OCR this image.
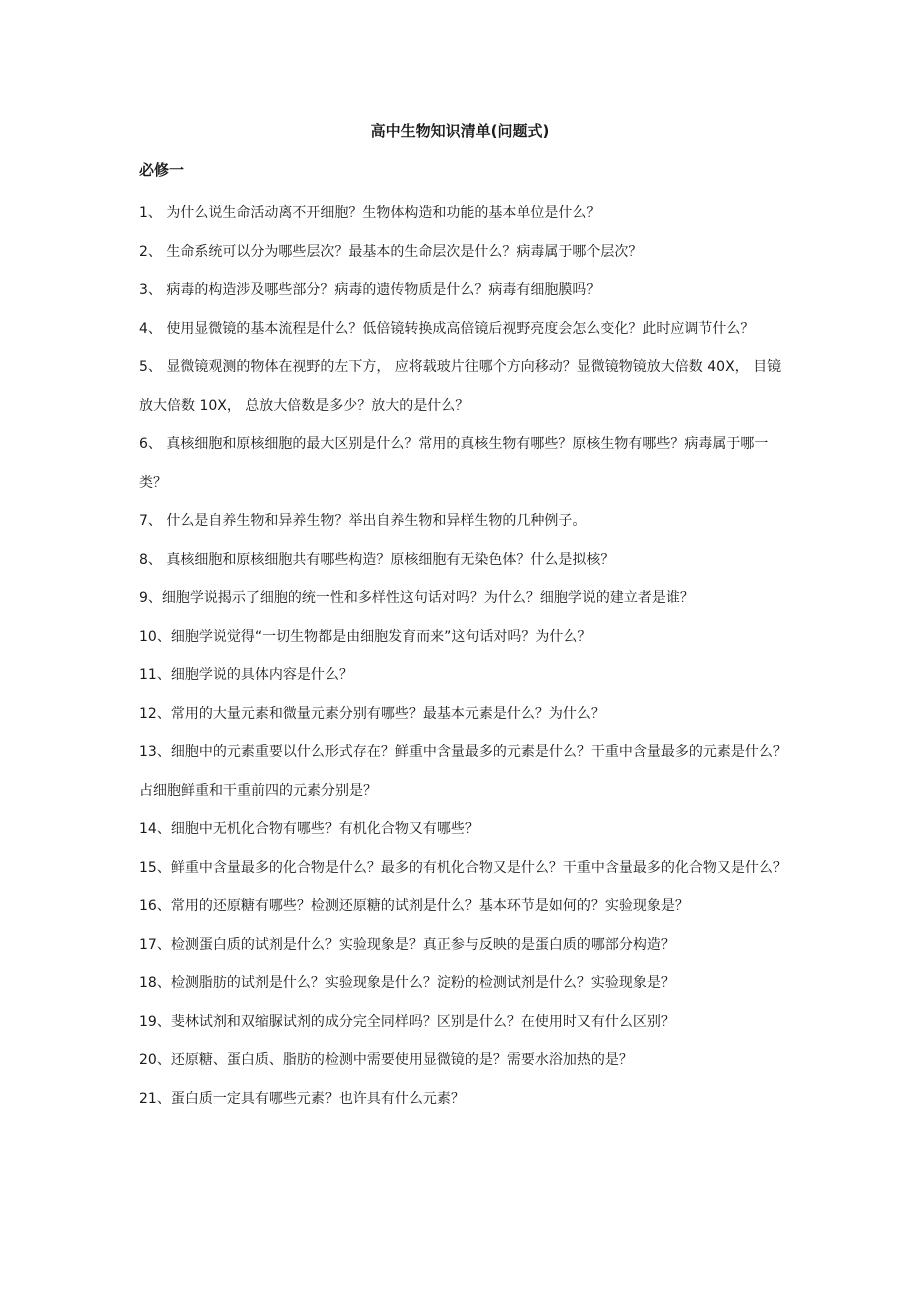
高中生物知识清单(问题式)
必修一
1、 为什么说生命活动离不开细胞？生物体构造和功能的基本单位是什么？
2、 生命系统可以分为哪些层次？最基本的生命层次是什么？病毒属于哪个层次？
3、 病毒的构造涉及哪些部分？病毒的遗传物质是什么？病毒有细胞膜吗？
4、 使用显微镜的基本流程是什么？低倍镜转换成高倍镜后视野亮度会怎么变化？此时应调节什么？
5、 显微镜观测的物体在视野的左下方， 应将载玻片往哪个方向移动？显微镜物镜放大倍数 40X， 目镜放大倍数 10X， 总放大倍数是多少？放大的是什么？
6、 真核细胞和原核细胞的最大区别是什么？常用的真核生物有哪些？原核生物有哪些？病毒属于哪一类？
7、 什么是自养生物和异养生物？举出自养生物和异样生物的几种例子。
8、 真核细胞和原核细胞共有哪些构造？原核细胞有无染色体？什么是拟核？
9、细胞学说揭示了细胞的统一性和多样性这句话对吗？为什么？细胞学说的建立者是谁？
10、细胞学说觉得“一切生物都是由细胞发育而来”这句话对吗？为什么？
11、细胞学说的具体内容是什么？
12、常用的大量元素和微量元素分别有哪些？最基本元素是什么？为什么？
13、细胞中的元素重要以什么形式存在？鲜重中含量最多的元素是什么？干重中含量最多的元素是什么？占细胞鲜重和干重前四的元素分别是？
14、细胞中无机化合物有哪些？有机化合物又有哪些？
15、鲜重中含量最多的化合物是什么？最多的有机化合物又是什么？干重中含量最多的化合物又是什么？
16、常用的还原糖有哪些？检测还原糖的试剂是什么？基本环节是如何的？实验现象是？
17、检测蛋白质的试剂是什么？实验现象是？真正参与反映的是蛋白质的哪部分构造？
18、检测脂肪的试剂是什么？实验现象是什么？淀粉的检测试剂是什么？实验现象是？
19、斐林试剂和双缩脲试剂的成分完全同样吗？区别是什么？在使用时又有什么区别？
20、还原糖、蛋白质、脂肪的检测中需要使用显微镜的是？需要水浴加热的是？
21、蛋白质一定具有哪些元素？也许具有什么元素？
